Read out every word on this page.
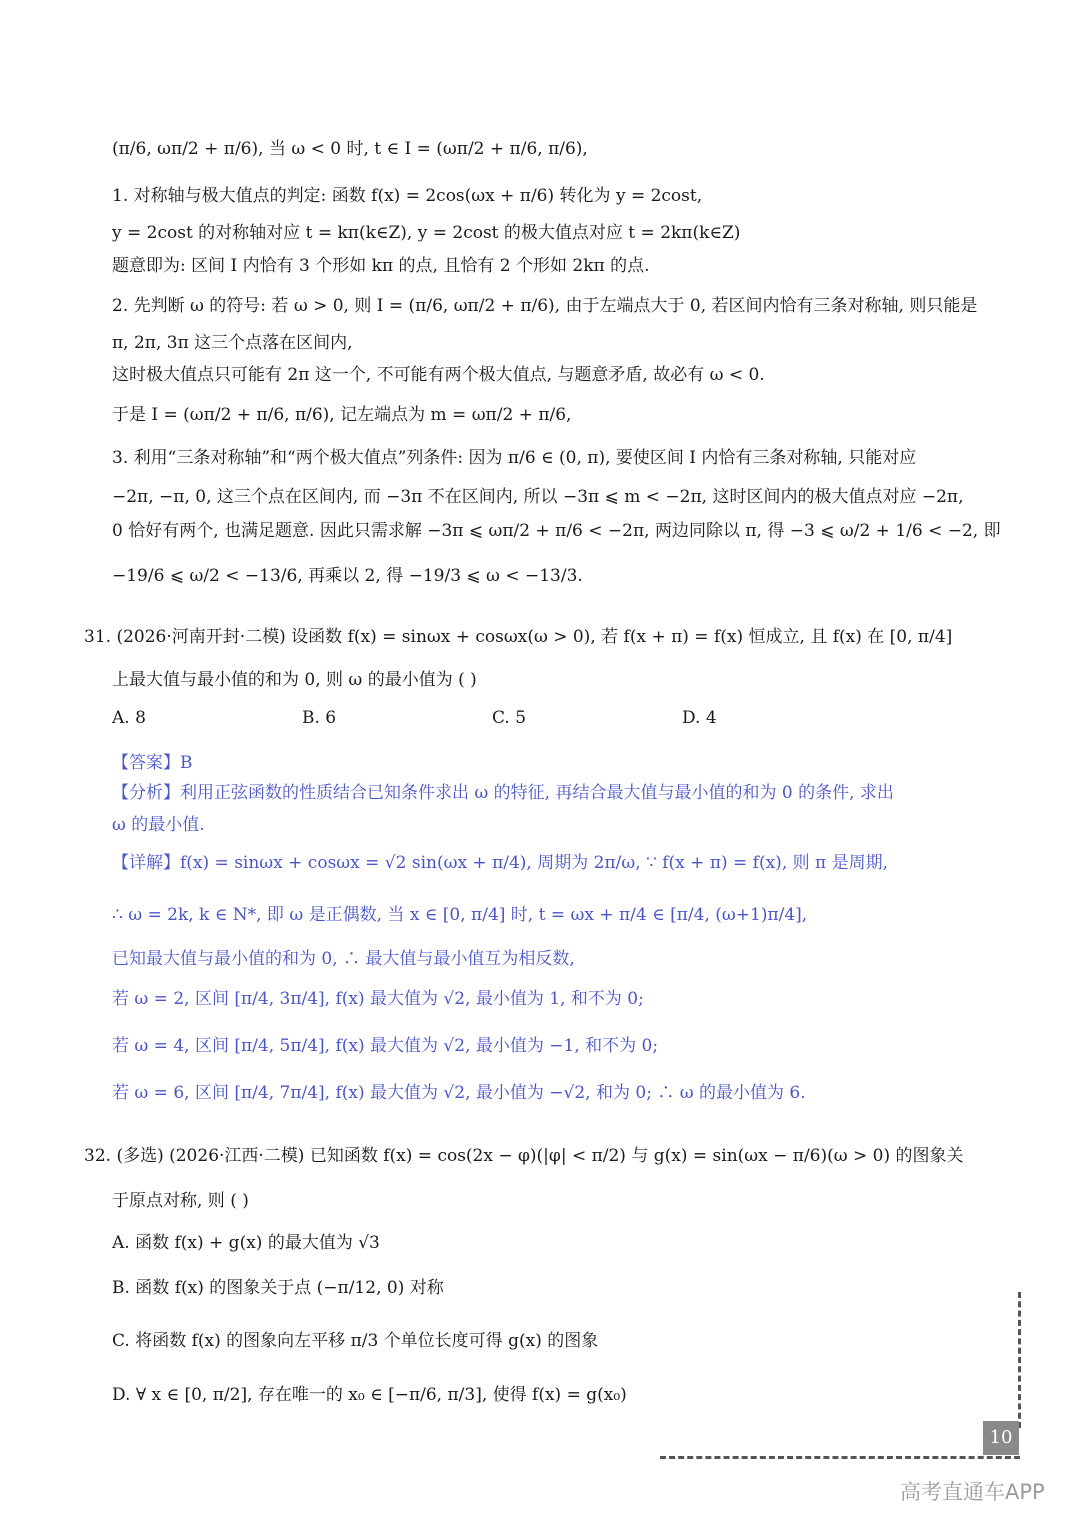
(π/6, ωπ/2 + π/6), 当 ω < 0 时, t ∈ I = (ωπ/2 + π/6, π/6),
1. 对称轴与极大值点的判定: 函数 f(x) = 2cos(ωx + π/6) 转化为 y = 2cost,
y = 2cost 的对称轴对应 t = kπ(k∈Z), y = 2cost 的极大值点对应 t = 2kπ(k∈Z)
题意即为: 区间 I 内恰有 3 个形如 kπ 的点, 且恰有 2 个形如 2kπ 的点.
2. 先判断 ω 的符号: 若 ω > 0, 则 I = (π/6, ωπ/2 + π/6), 由于左端点大于 0, 若区间内恰有三条对称轴, 则只能是
π, 2π, 3π 这三个点落在区间内,
这时极大值点只可能有 2π 这一个, 不可能有两个极大值点, 与题意矛盾, 故必有 ω < 0.
于是 I = (ωπ/2 + π/6, π/6), 记左端点为 m = ωπ/2 + π/6,
3. 利用“三条对称轴”和“两个极大值点”列条件: 因为 π/6 ∈ (0, π), 要使区间 I 内恰有三条对称轴, 只能对应
−2π, −π, 0, 这三个点在区间内, 而 −3π 不在区间内, 所以 −3π ⩽ m < −2π, 这时区间内的极大值点对应 −2π,
0 恰好有两个, 也满足题意. 因此只需求解 −3π ⩽ ωπ/2 + π/6 < −2π, 两边同除以 π, 得 −3 ⩽ ω/2 + 1/6 < −2, 即
−19/6 ⩽ ω/2 < −13/6, 再乘以 2, 得 −19/3 ⩽ ω < −13/3.
31. (2026·河南开封·二模) 设函数 f(x) = sinωx + cosωx(ω > 0), 若 f(x + π) = f(x) 恒成立, 且 f(x) 在 [0, π/4]
上最大值与最小值的和为 0, 则 ω 的最小值为 ( )
A. 8	B. 6	C. 5	D. 4
【答案】B
【分析】利用正弦函数的性质结合已知条件求出 ω 的特征, 再结合最大值与最小值的和为 0 的条件, 求出
ω 的最小值.
【详解】f(x) = sinωx + cosωx = √2 sin(ωx + π/4), 周期为 2π/ω, ∵ f(x + π) = f(x), 则 π 是周期,
∴ ω = 2k, k ∈ N*, 即 ω 是正偶数, 当 x ∈ [0, π/4] 时, t = ωx + π/4 ∈ [π/4, (ω+1)π/4],
已知最大值与最小值的和为 0, ∴ 最大值与最小值互为相反数,
若 ω = 2, 区间 [π/4, 3π/4], f(x) 最大值为 √2, 最小值为 1, 和不为 0;
若 ω = 4, 区间 [π/4, 5π/4], f(x) 最大值为 √2, 最小值为 −1, 和不为 0;
若 ω = 6, 区间 [π/4, 7π/4], f(x) 最大值为 √2, 最小值为 −√2, 和为 0; ∴ ω 的最小值为 6.
32. (多选) (2026·江西·二模) 已知函数 f(x) = cos(2x − φ)(|φ| < π/2) 与 g(x) = sin(ωx − π/6)(ω > 0) 的图象关
于原点对称, 则 ( )
A. 函数 f(x) + g(x) 的最大值为 √3
B. 函数 f(x) 的图象关于点 (−π/12, 0) 对称
C. 将函数 f(x) 的图象向左平移 π/3 个单位长度可得 g(x) 的图象
D. ∀ x ∈ [0, π/2], 存在唯一的 x₀ ∈ [−π/6, π/3], 使得 f(x) = g(x₀)
10
高考直通车APP
